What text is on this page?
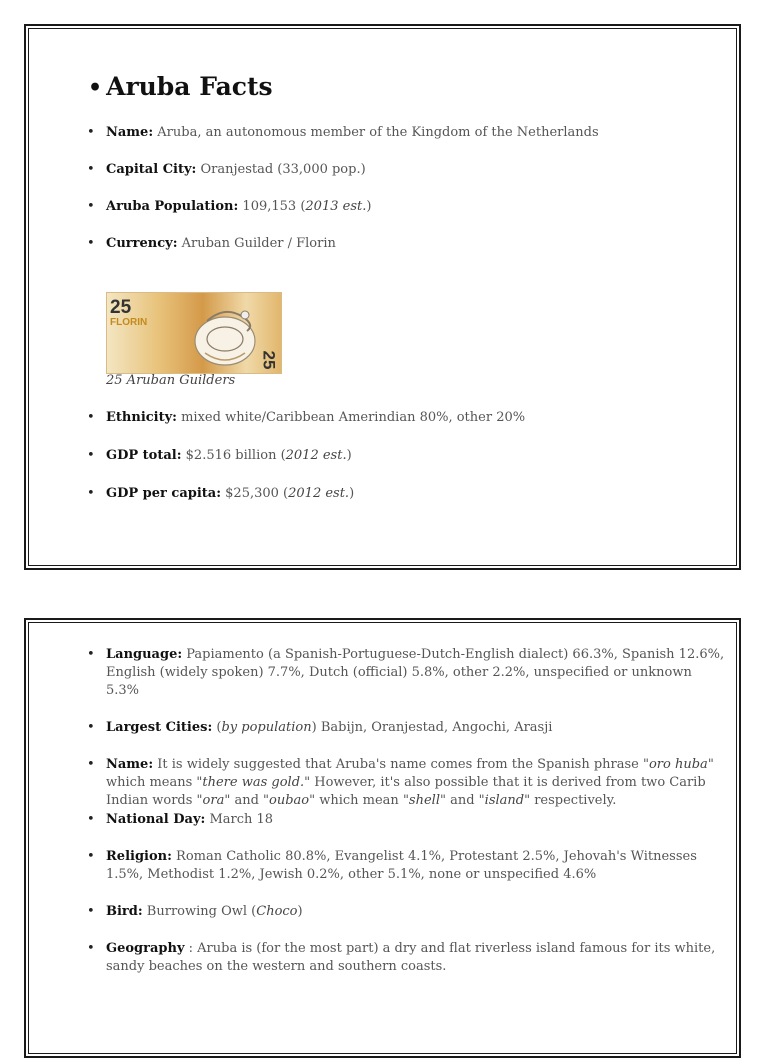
• Aruba Facts
• Name: Aruba, an autonomous member of the Kingdom of the Netherlands
• Capital City: Oranjestad (33,000 pop.)
• Aruba Population: 109,153 (2013 est.)
• Currency: Aruban Guilder / Florin
25
FLORIN
25
25 Aruban Guilders
• Ethnicity: mixed white/Caribbean Amerindian 80%, other 20%
• GDP total: $2.516 billion (2012 est.)
• GDP per capita: $25,300 (2012 est.)
• Language: Papiamento (a Spanish-Portuguese-Dutch-English dialect) 66.3%, Spanish 12.6%, English (widely spoken) 7.7%, Dutch (official) 5.8%, other 2.2%, unspecified or unknown 5.3%
• Largest Cities: (by population) Babijn, Oranjestad, Angochi, Arasji
• Name: It is widely suggested that Aruba's name comes from the Spanish phrase "oro huba" which means "there was gold." However, it's also possible that it is derived from two Carib Indian words "ora" and "oubao" which mean "shell" and "island" respectively.
• National Day: March 18
• Religion: Roman Catholic 80.8%, Evangelist 4.1%, Protestant 2.5%, Jehovah's Witnesses 1.5%, Methodist 1.2%, Jewish 0.2%, other 5.1%, none or unspecified 4.6%
• Bird: Burrowing Owl (Choco)
• Geography : Aruba is (for the most part) a dry and flat riverless island famous for its white, sandy beaches on the western and southern coasts.
